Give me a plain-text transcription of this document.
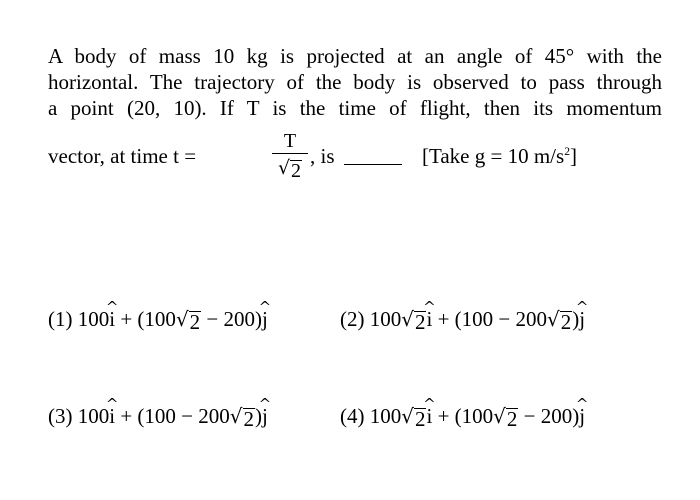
A body of mass 10 kg is projected at an angle of 45° with the
horizontal. The trajectory of the body is observed to pass through
a point (20, 10). If T is the time of flight, then its momentum
vector, at time t =
T
√ 2
, is	[Take g = 10 $m/s^2$]
(1) 100i ^ + (100 √ 2 − 200)j ^	(2) 100 √ 2 i ^ + (100 − 200 √ 2 )j ^
(3) 100i ^ + (100 − 200 √ 2 )j ^	(4) 100 √ 2 i ^ + (100 √ 2 − 200)j ^
